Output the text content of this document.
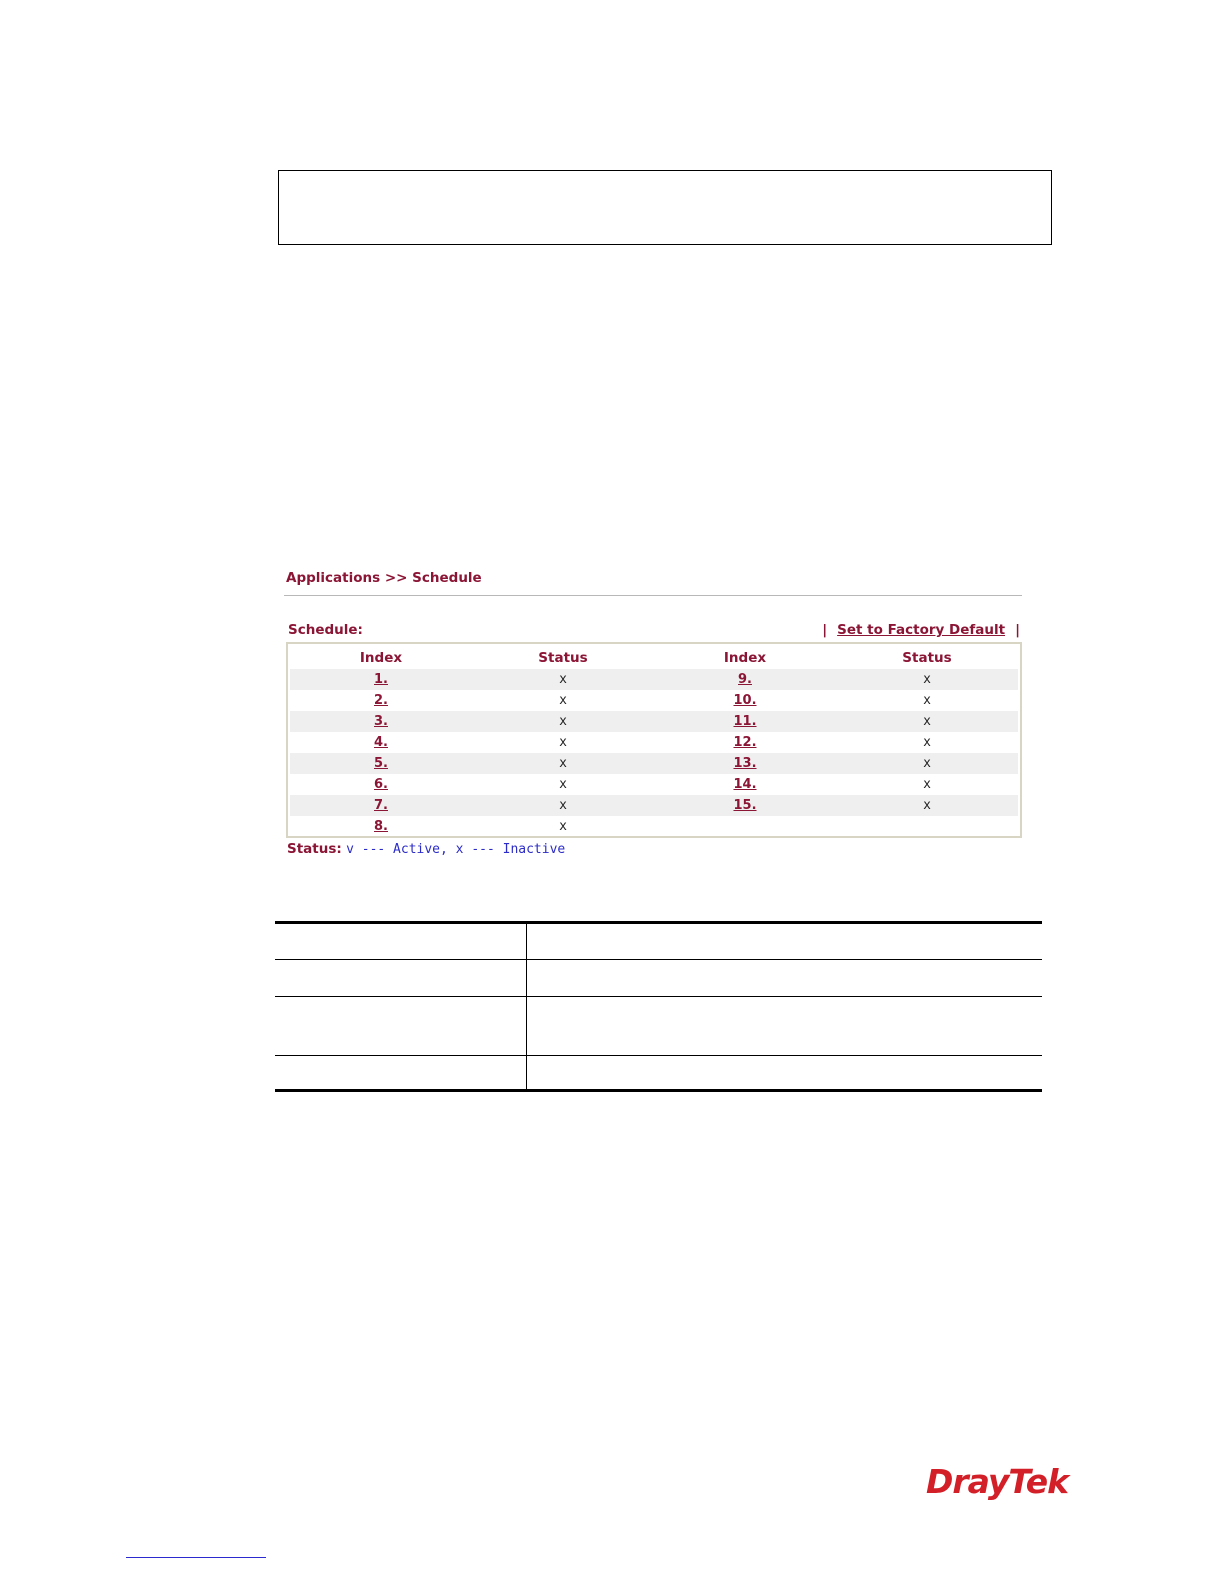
Applications >> Schedule
Schedule:	| Set to Factory Default |
Index	Status	Index	Status
1.	x	9.	x
2.	x	10.	x
3.	x	11.	x
4.	x	12.	x
5.	x	13.	x
6.	x	14.	x
7.	x	15.	x
8.	x		
Status: v --- Active, x --- Inactive

DrayTek
